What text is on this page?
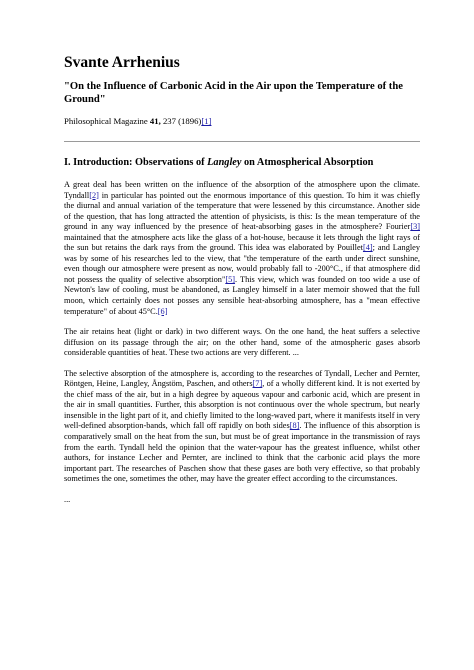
Svante Arrhenius
"On the Influence of Carbonic Acid in the Air upon the Temperature of the Ground"
Philosophical Magazine 41, 237 (1896)[1]
I. Introduction: Observations of Langley on Atmospherical Absorption

A great deal has been written on the influence of the absorption of the atmosphere upon the climate. Tyndall[2] in particular has pointed out the enormous importance of this question. To him it was chiefly the diurnal and annual variation of the temperature that were lessened by this circumstance. Another side of the question, that has long attracted the attention of physicists, is this: Is the mean temperature of the ground in any way influenced by the presence of heat-absorbing gases in the atmosphere? Fourier[3] maintained that the atmosphere acts like the glass of a hot-house, because it lets through the light rays of the sun but retains the dark rays from the ground. This idea was elaborated by Pouillet[4]; and Langley was by some of his researches led to the view, that "the temperature of the earth under direct sunshine, even though our atmosphere were present as now, would probably fall to -200°C., if that atmosphere did not possess the quality of selective absorption"[5]. This view, which was founded on too wide a use of Newton's law of cooling, must be abandoned, as Langley himself in a later memoir showed that the full moon, which certainly does not posses any sensible heat-absorbing atmosphere, has a "mean effective temperature" of about 45°C.[6]

The air retains heat (light or dark) in two different ways. On the one hand, the heat suffers a selective diffusion on its passage through the air; on the other hand, some of the atmospheric gases absorb considerable quantities of heat. These two actions are very different. ...

The selective absorption of the atmosphere is, according to the researches of Tyndall, Lecher and Pernter, Röntgen, Heine, Langley, Ångstöm, Paschen, and others[7], of a wholly different kind. It is not exerted by the chief mass of the air, but in a high degree by aqueous vapour and carbonic acid, which are present in the air in small quantities. Further, this absorption is not continuous over the whole spectrum, but nearly insensible in the light part of it, and chiefly limited to the long-waved part, where it manifests itself in very well-defined absorption-bands, which fall off rapidly on both sides[8]. The influence of this absorption is comparatively small on the heat from the sun, but must be of great importance in the transmission of rays from the earth. Tyndall held the opinion that the water-vapour has the greatest influence, whilst other authors, for instance Lecher and Pernter, are inclined to think that the carbonic acid plays the more important part. The researches of Paschen show that these gases are both very effective, so that probably sometimes the one, sometimes the other, may have the greater effect according to the circumstances.

...
